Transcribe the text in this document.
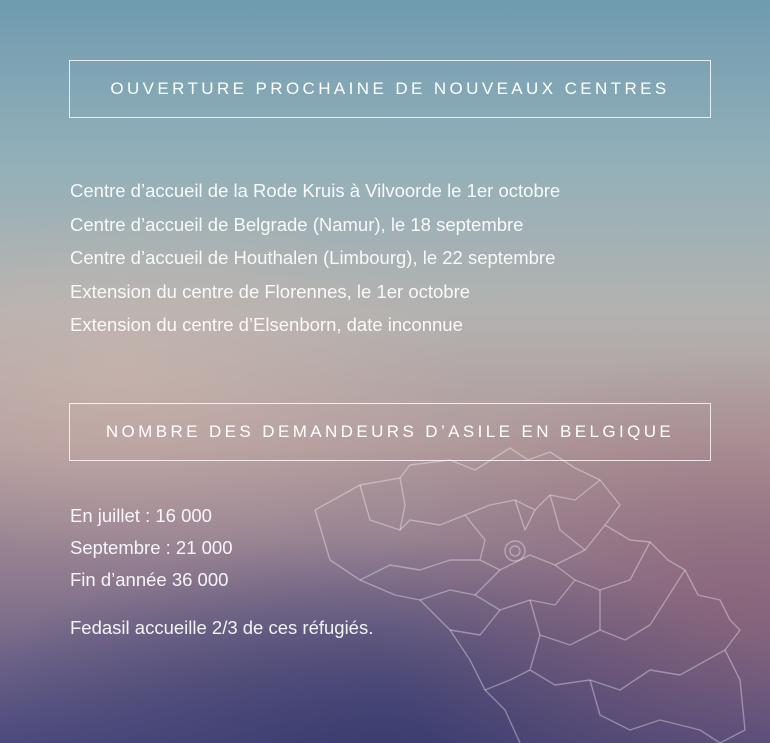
OUVERTURE PROCHAINE DE NOUVEAUX CENTRES
Centre d’accueil de la Rode Kruis à Vilvoorde le 1er octobre
Centre d’accueil de Belgrade (Namur), le 18 septembre
Centre d’accueil de Houthalen (Limbourg), le 22 septembre
Extension du centre de Florennes, le 1er octobre
Extension du centre d’Elsenborn, date inconnue
NOMBRE DES DEMANDEURS D’ASILE EN BELGIQUE
En juillet : 16 000
Septembre : 21 000
Fin d’année 36 000
Fedasil accueille 2/3 de ces réfugiés.
